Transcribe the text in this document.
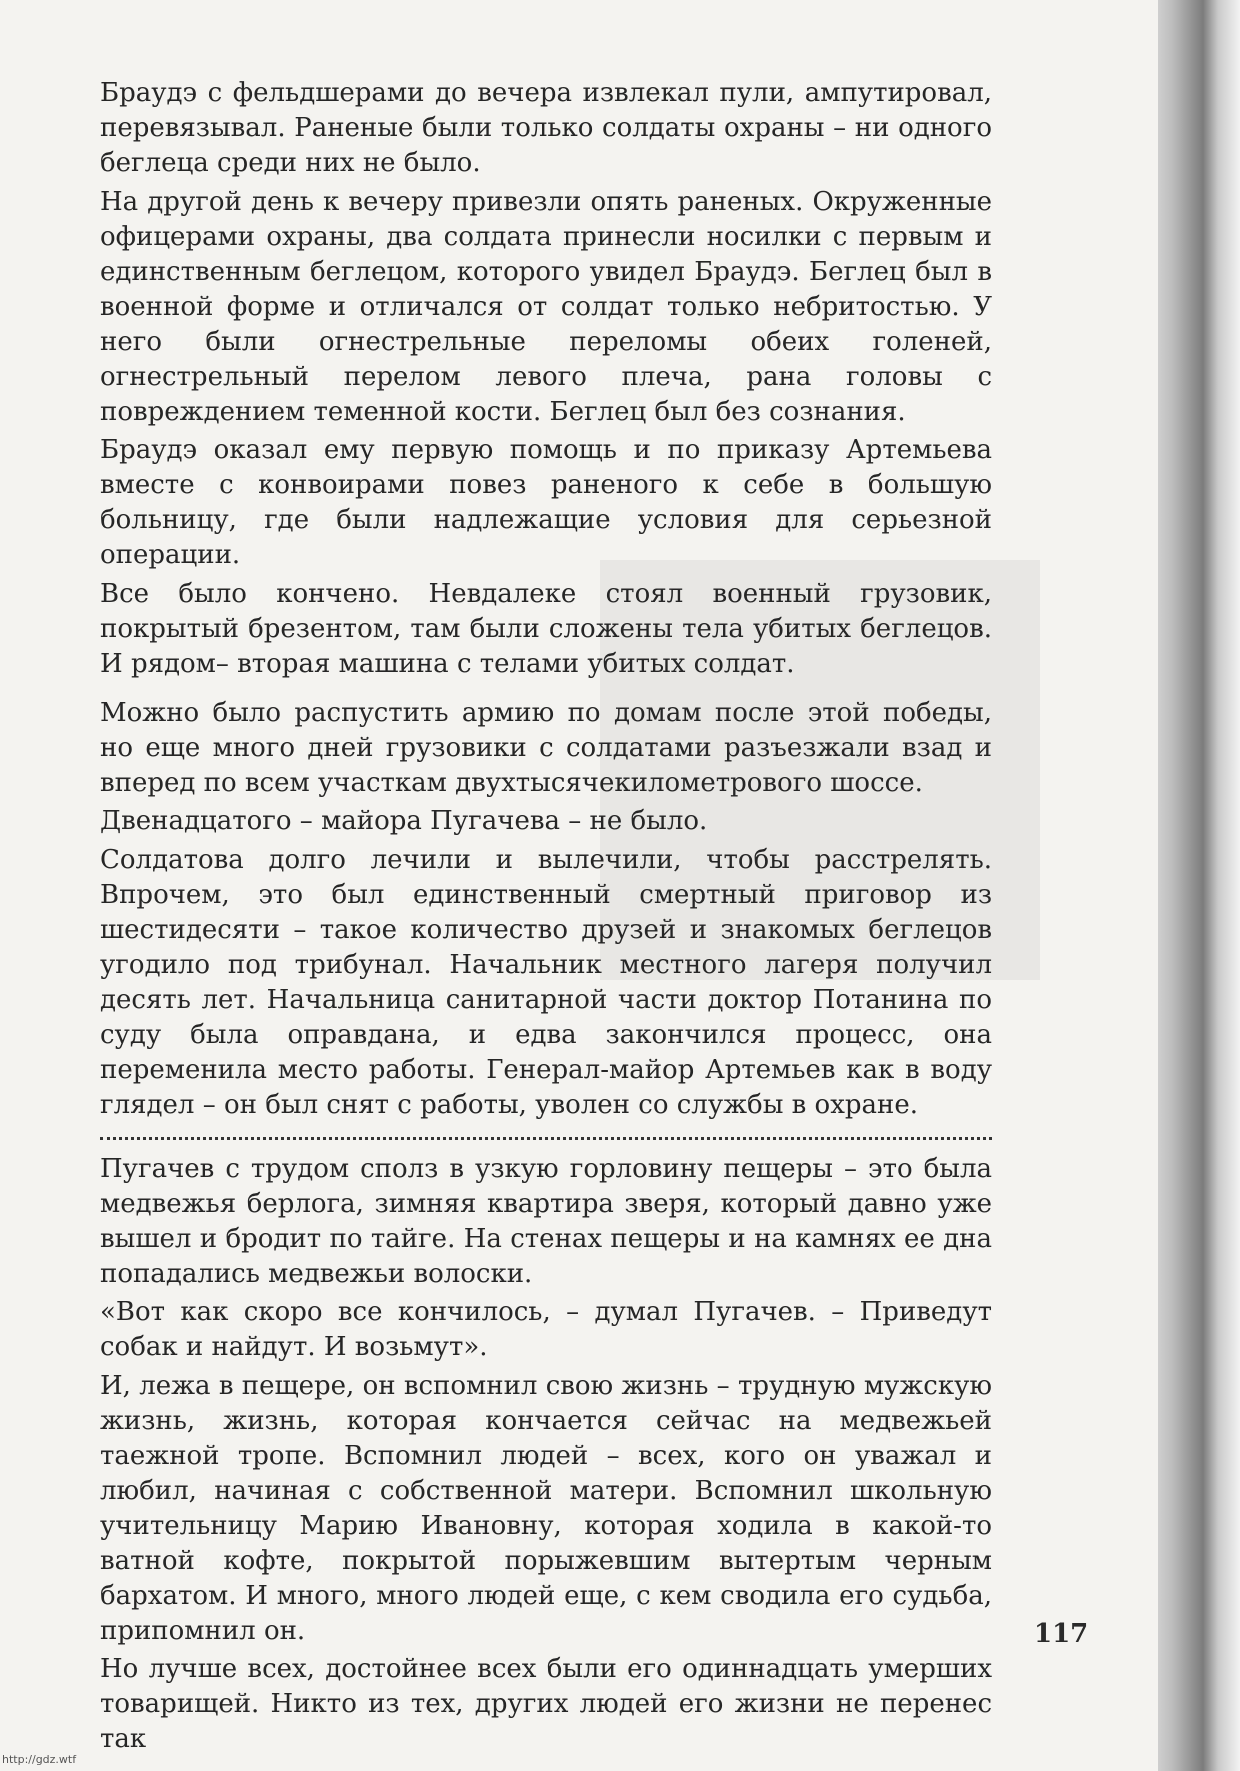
Браудэ с фельдшерами до вечера извлекал пули, ампутировал, перевязывал. Раненые были только солдаты охраны – ни одного беглеца среди них не было.

На другой день к вечеру привезли опять раненых. Окруженные офицерами охраны, два солдата принесли носилки с первым и единственным беглецом, которого увидел Браудэ. Беглец был в военной форме и отличался от солдат только небритостью. У него были огнестрельные переломы обеих голеней, огнестрельный перелом левого плеча, рана головы с повреждением теменной кости. Беглец был без сознания.

Браудэ оказал ему первую помощь и по приказу Артемьева вместе с конвоирами повез раненого к себе в большую больницу, где были надлежащие условия для серьезной операции.

Все было кончено. Невдалеке стоял военный грузовик, покрытый брезентом, там были сложены тела убитых беглецов. И рядом– вторая машина с телами убитых солдат.

Можно было распустить армию по домам после этой победы, но еще много дней грузовики с солдатами разъезжали взад и вперед по всем участкам двухтысячекилометрового шоссе.

Двенадцатого – майора Пугачева – не было.

Солдатова долго лечили и вылечили, чтобы расстрелять. Впрочем, это был единственный смертный приговор из шестидесяти – такое количество друзей и знакомых беглецов угодило под трибунал. Начальник местного лагеря получил десять лет. Начальница санитарной части доктор Потанина по суду была оправдана, и едва закончился процесс, она переменила место работы. Генерал-майор Артемьев как в воду глядел – он был снят с работы, уволен со службы в охране.

Пугачев с трудом сполз в узкую горловину пещеры – это была медвежья берлога, зимняя квартира зверя, который давно уже вышел и бродит по тайге. На стенах пещеры и на камнях ее дна попадались медвежьи волоски.

«Вот как скоро все кончилось, – думал Пугачев. – Приведут собак и найдут. И возьмут».

И, лежа в пещере, он вспомнил свою жизнь – трудную мужскую жизнь, жизнь, которая кончается сейчас на медвежьей таежной тропе. Вспомнил людей – всех, кого он уважал и любил, начиная с собственной матери. Вспомнил школьную учительницу Марию Ивановну, которая ходила в какой-то ватной кофте, покрытой порыжевшим вытертым черным бархатом. И много, много людей еще, с кем сводила его судьба, припомнил он.

Но лучше всех, достойнее всех были его одиннадцать умерших товарищей. Никто из тех, других людей его жизни не перенес так

117
http://gdz.wtf
